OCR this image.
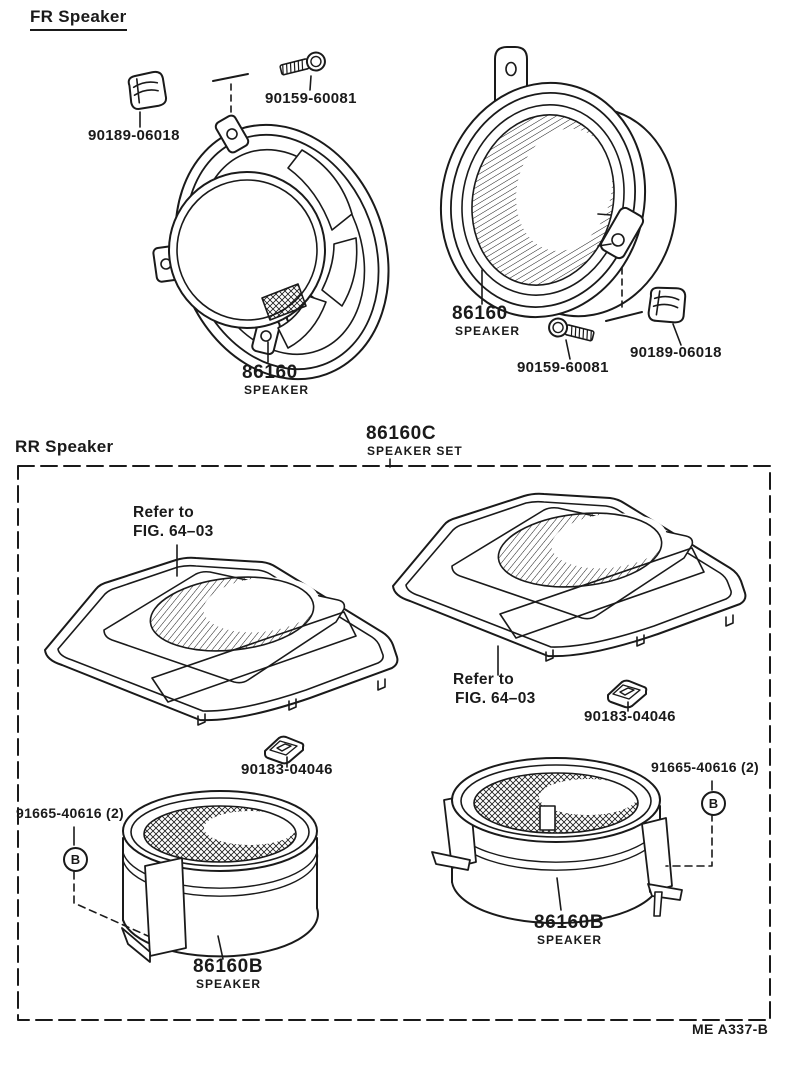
FR Speaker
90189-06018
90159-60081
86160
SPEAKER
86160
SPEAKER
90159-60081
90189-06018
RR Speaker
86160C
SPEAKER SET
Refer to
FIG. 64–03
Refer to
FIG. 64–03
90183-04046
90183-04046
91665-40616 (2)
B
91665-40616 (2)
B
86160B
SPEAKER
86160B
SPEAKER
ME A337-B
